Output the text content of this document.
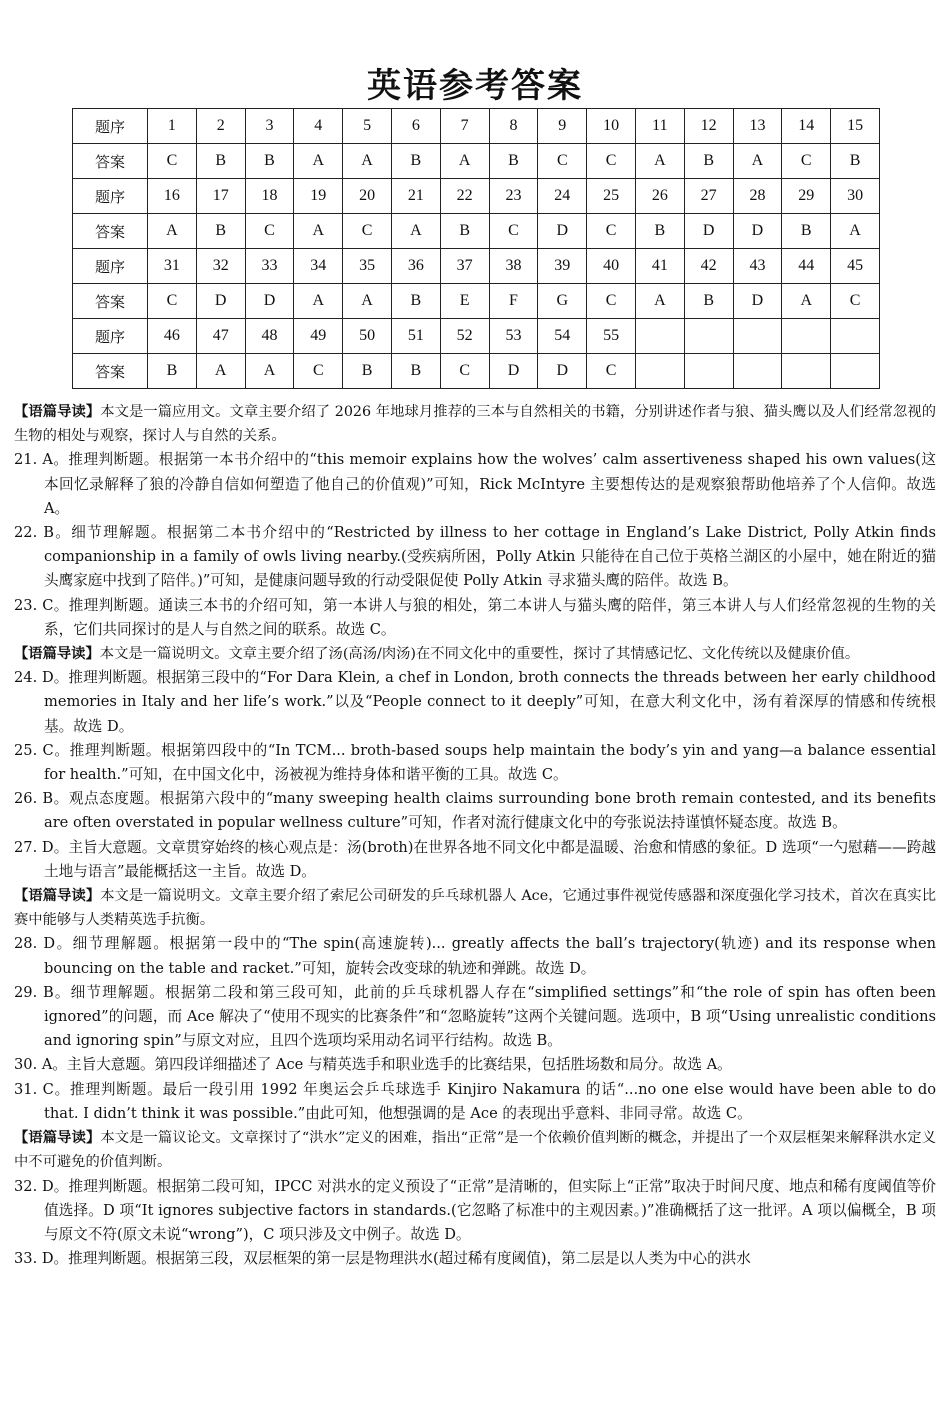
英语参考答案
题序	1	2	3	4	5	6	7	8	9	10	11	12	13	14	15
答案	C	B	B	A	A	B	A	B	C	C	A	B	A	C	B
题序	16	17	18	19	20	21	22	23	24	25	26	27	28	29	30
答案	A	B	C	A	C	A	B	C	D	C	B	D	D	B	A
题序	31	32	33	34	35	36	37	38	39	40	41	42	43	44	45
答案	C	D	D	A	A	B	E	F	G	C	A	B	D	A	C
题序	46	47	48	49	50	51	52	53	54	55					
答案	B	A	A	C	B	B	C	D	D	C					

【语篇导读】本文是一篇应用文。文章主要介绍了 2026 年地球月推荐的三本与自然相关的书籍，分别讲述作者与狼、猫头鹰以及人们经常忽视的生物的相处与观察，探讨人与自然的关系。

21. A。推理判断题。根据第一本书介绍中的“this memoir explains how the wolves’ calm assertiveness shaped his own values(这本回忆录解释了狼的冷静自信如何塑造了他自己的价值观)”可知，Rick McIntyre 主要想传达的是观察狼帮助他培养了个人信仰。故选 A。

22. B。细节理解题。根据第二本书介绍中的“Restricted by illness to her cottage in England’s Lake District, Polly Atkin finds companionship in a family of owls living nearby.(受疾病所困，Polly Atkin 只能待在自己位于英格兰湖区的小屋中，她在附近的猫头鹰家庭中找到了陪伴。)”可知，是健康问题导致的行动受限促使 Polly Atkin 寻求猫头鹰的陪伴。故选 B。

23. C。推理判断题。通读三本书的介绍可知，第一本讲人与狼的相处，第二本讲人与猫头鹰的陪伴，第三本讲人与人们经常忽视的生物的关系，它们共同探讨的是人与自然之间的联系。故选 C。

【语篇导读】本文是一篇说明文。文章主要介绍了汤(高汤/肉汤)在不同文化中的重要性，探讨了其情感记忆、文化传统以及健康价值。

24. D。推理判断题。根据第三段中的“For Dara Klein, a chef in London, broth connects the threads between her early childhood memories in Italy and her life’s work.”以及“People connect to it deeply”可知，在意大利文化中，汤有着深厚的情感和传统根基。故选 D。

25. C。推理判断题。根据第四段中的“In TCM... broth-based soups help maintain the body’s yin and yang—a balance essential for health.”可知，在中国文化中，汤被视为维持身体和谐平衡的工具。故选 C。

26. B。观点态度题。根据第六段中的“many sweeping health claims surrounding bone broth remain contested, and its benefits are often overstated in popular wellness culture”可知，作者对流行健康文化中的夸张说法持谨慎怀疑态度。故选 B。

27. D。主旨大意题。文章贯穿始终的核心观点是：汤(broth)在世界各地不同文化中都是温暖、治愈和情感的象征。D 选项“一勺慰藉——跨越土地与语言”最能概括这一主旨。故选 D。

【语篇导读】本文是一篇说明文。文章主要介绍了索尼公司研发的乒乓球机器人 Ace，它通过事件视觉传感器和深度强化学习技术，首次在真实比赛中能够与人类精英选手抗衡。

28. D。细节理解题。根据第一段中的“The spin(高速旋转)... greatly affects the ball’s trajectory(轨迹) and its response when bouncing on the table and racket.”可知，旋转会改变球的轨迹和弹跳。故选 D。

29. B。细节理解题。根据第二段和第三段可知，此前的乒乓球机器人存在“simplified settings”和“the role of spin has often been ignored”的问题，而 Ace 解决了“使用不现实的比赛条件”和“忽略旋转”这两个关键问题。选项中，B 项“Using unrealistic conditions and ignoring spin”与原文对应，且四个选项均采用动名词平行结构。故选 B。

30. A。主旨大意题。第四段详细描述了 Ace 与精英选手和职业选手的比赛结果，包括胜场数和局分。故选 A。

31. C。推理判断题。最后一段引用 1992 年奥运会乒乓球选手 Kinjiro Nakamura 的话“...no one else would have been able to do that. I didn’t think it was possible.”由此可知，他想强调的是 Ace 的表现出乎意料、非同寻常。故选 C。

【语篇导读】本文是一篇议论文。文章探讨了“洪水”定义的困难，指出“正常”是一个依赖价值判断的概念，并提出了一个双层框架来解释洪水定义中不可避免的价值判断。

32. D。推理判断题。根据第二段可知，IPCC 对洪水的定义预设了“正常”是清晰的，但实际上“正常”取决于时间尺度、地点和稀有度阈值等价值选择。D 项“It ignores subjective factors in standards.(它忽略了标准中的主观因素。)”准确概括了这一批评。A 项以偏概全，B 项与原文不符(原文未说“wrong”)，C 项只涉及文中例子。故选 D。

33. D。推理判断题。根据第三段，双层框架的第一层是物理洪水(超过稀有度阈值)，第二层是以人类为中心的洪水
